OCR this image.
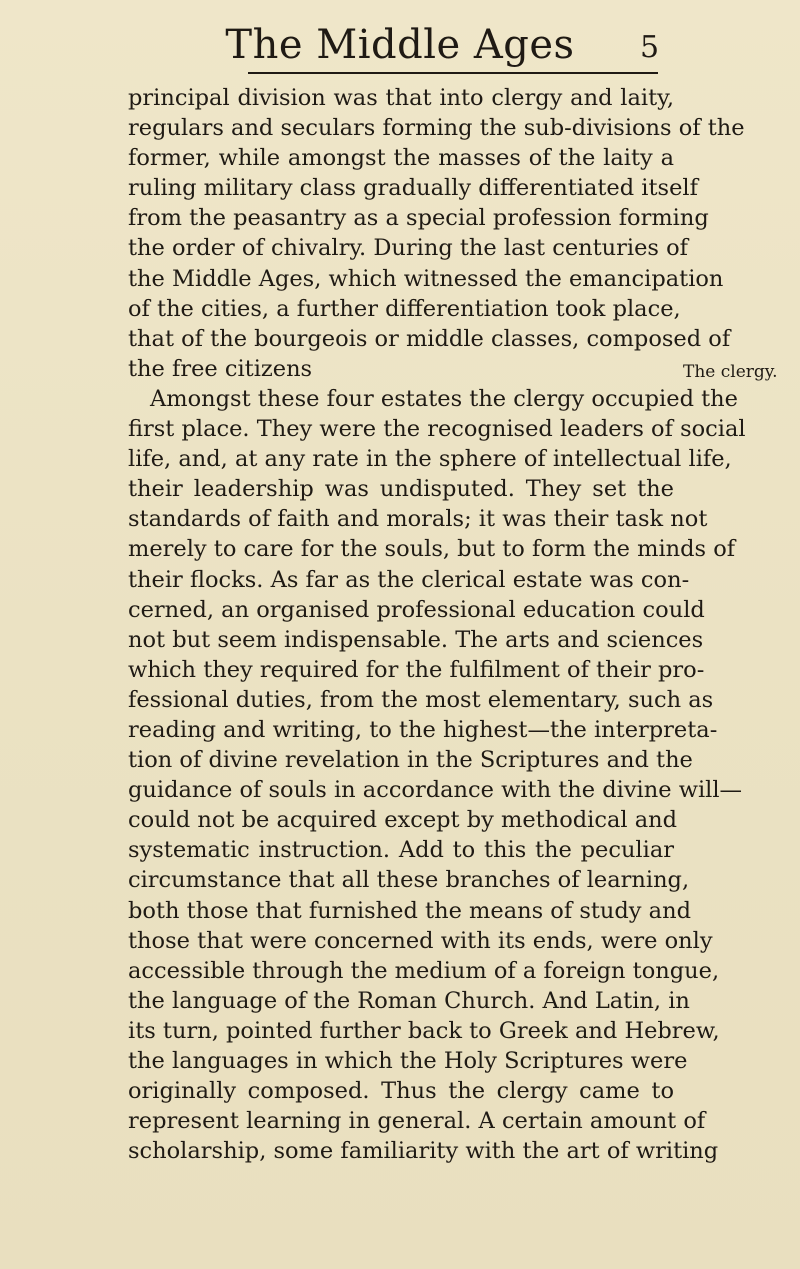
The Middle Ages	5
principal division was that into clergy and laity,
regulars and seculars forming the sub-divisions of the
former, while amongst the masses of the laity a
ruling military class gradually differentiated itself
from the peasantry as a special profession forming
the order of chivalry. During the last centuries of
the Middle Ages, which witnessed the emancipation
of the cities, a further differentiation took place,
that of the bourgeois or middle classes, composed of
the free citizens
Amongst these four estates the clergy occupied the
first place. They were the recognised leaders of social
life, and, at any rate in the sphere of intellectual life,
their leadership was undisputed. They set the
standards of faith and morals; it was their task not
merely to care for the souls, but to form the minds of
their flocks. As far as the clerical estate was con-
cerned, an organised professional education could
not but seem indispensable. The arts and sciences
which they required for the fulfilment of their pro-
fessional duties, from the most elementary, such as
reading and writing, to the highest—the interpreta-
tion of divine revelation in the Scriptures and the
guidance of souls in accordance with the divine will—
could not be acquired except by methodical and
systematic instruction. Add to this the peculiar
circumstance that all these branches of learning,
both those that furnished the means of study and
those that were concerned with its ends, were only
accessible through the medium of a foreign tongue,
the language of the Roman Church. And Latin, in
its turn, pointed further back to Greek and Hebrew,
the languages in which the Holy Scriptures were
originally composed. Thus the clergy came to
represent learning in general. A certain amount of
scholarship, some familiarity with the art of writing
The clergy.
